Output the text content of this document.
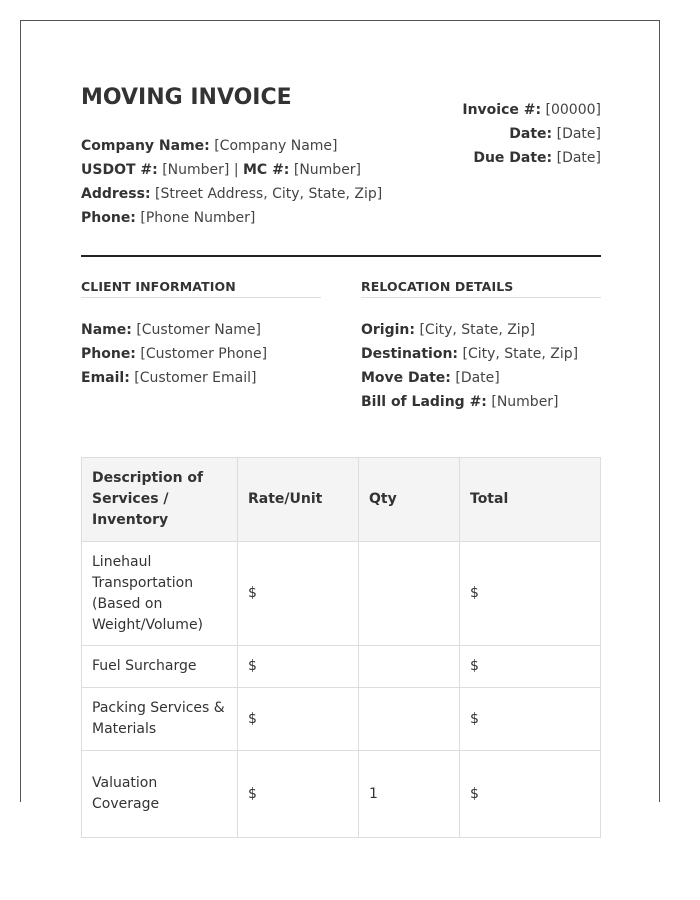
MOVING INVOICE
Company Name: [Company Name]
USDOT #: [Number] | MC #: [Number]
Address: [Street Address, City, State, Zip]
Phone: [Phone Number]
Invoice #: [00000]
Date: [Date]
Due Date: [Date]
CLIENT INFORMATION
Name: [Customer Name]
Phone: [Customer Phone]
Email: [Customer Email]
RELOCATION DETAILS
Origin: [City, State, Zip]
Destination: [City, State, Zip]
Move Date: [Date]
Bill of Lading #: [Number]
Description of Services / Inventory	Rate/Unit	Qty	Total
Linehaul Transportation (Based on Weight/Volume)	$		$
Fuel Surcharge	$		$
Packing Services & Materials	$		$
Valuation Coverage	$	1	$
